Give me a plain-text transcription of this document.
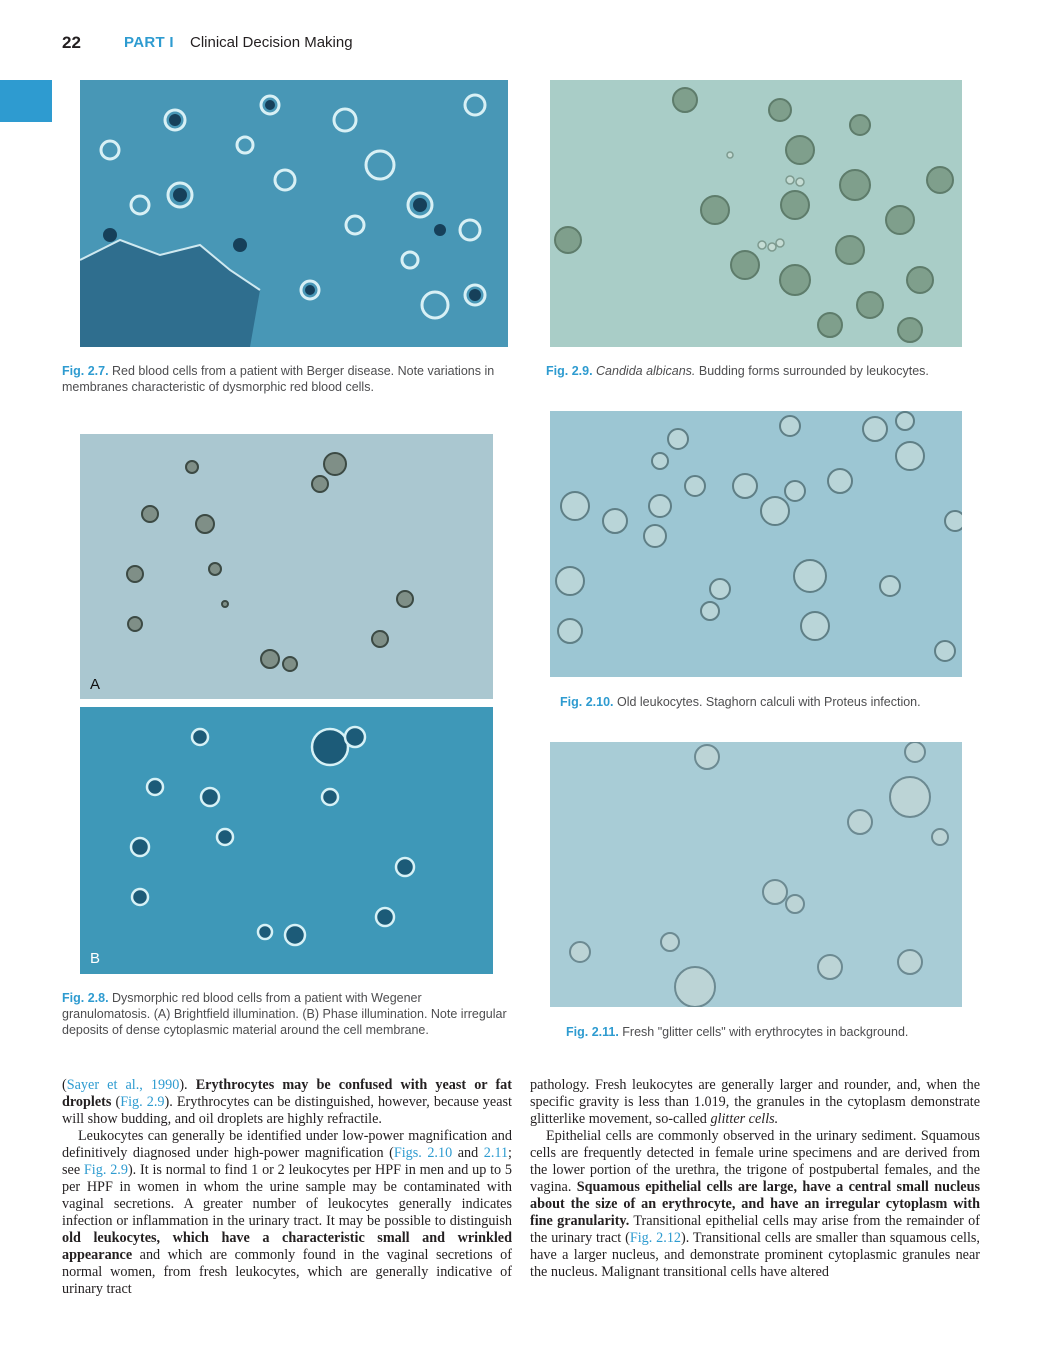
22	PART I Clinical Decision Making
Fig. 2.7. Red blood cells from a patient with Berger disease. Note variations in membranes characteristic of dysmorphic red blood cells.
Fig. 2.9. Candida albicans. Budding forms surrounded by leukocytes.
A
B
Fig. 2.10. Old leukocytes. Staghorn calculi with Proteus infection.
Fig. 2.8. Dysmorphic red blood cells from a patient with Wegener granulomatosis. (A) Brightfield illumination. (B) Phase illumination. Note irregular deposits of dense cytoplasmic material around the cell membrane.	Fig. 2.11. Fresh "glitter cells" with erythrocytes in background.

(Sayer et al., 1990). Erythrocytes may be confused with yeast or fat droplets (Fig. 2.9). Erythrocytes can be distinguished, however, because yeast will show budding, and oil droplets are highly refractile.

Leukocytes can generally be identified under low-power magnification and definitively diagnosed under high-power magnification (Figs. 2.10 and 2.11; see Fig. 2.9). It is normal to find 1 or 2 leukocytes per HPF in men and up to 5 per HPF in women in whom the urine sample may be contaminated with vaginal secretions. A greater number of leukocytes generally indicates infection or inflammation in the urinary tract. It may be possible to distinguish old leukocytes, which have a characteristic small and wrinkled appearance and which are commonly found in the vaginal secretions of normal women, from fresh leukocytes, which are generally indicative of urinary tract

pathology. Fresh leukocytes are generally larger and rounder, and, when the specific gravity is less than 1.019, the granules in the cytoplasm demonstrate glitterlike movement, so-called glitter cells.

Epithelial cells are commonly observed in the urinary sediment. Squamous cells are frequently detected in female urine specimens and are derived from the lower portion of the urethra, the trigone of postpubertal females, and the vagina. Squamous epithelial cells are large, have a central small nucleus about the size of an erythrocyte, and have an irregular cytoplasm with fine granularity. Transitional epithelial cells may arise from the remainder of the urinary tract (Fig. 2.12). Transitional cells are smaller than squamous cells, have a larger nucleus, and demonstrate prominent cytoplasmic granules near the nucleus. Malignant transitional cells have altered
